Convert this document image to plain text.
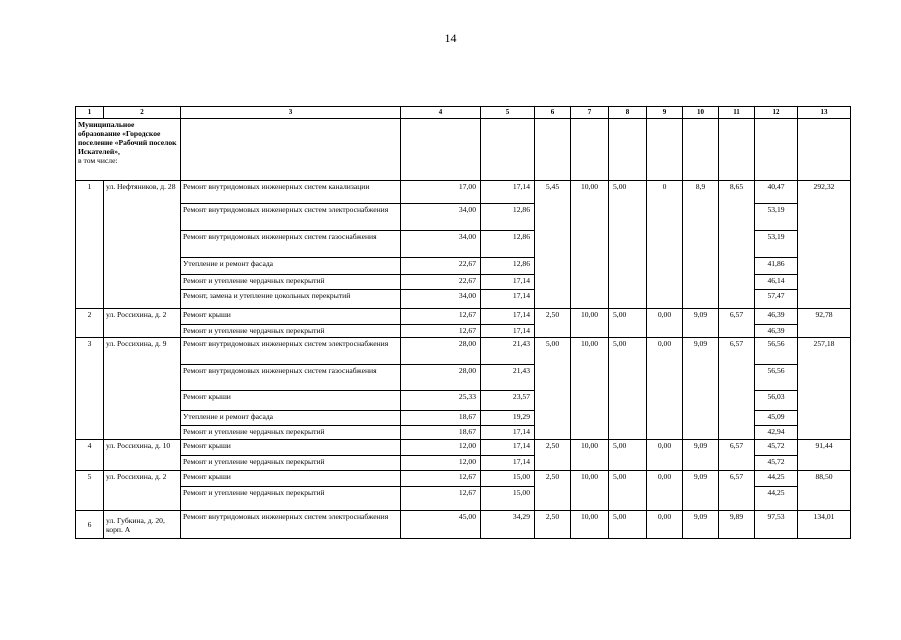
14
1	2	3	4	5	6	7	8	9	10	11	12	13
Муниципальное образование «Городское поселение «Рабочий поселок Искателей»,
в том числе:												
1	ул. Нефтяников, д. 28	Ремонт внутридомовых инженерных систем канализации	17,00	17,14	5,45	10,00	5,00	0	8,9	8,65	40,47	292,32
		Ремонт внутридомовых инженерных систем электроснабжения	34,00	12,86							53,19	
		Ремонт внутридомовых инженерных систем газоснабжения	34,00	12,86							53,19	
		Утепление и ремонт фасада	22,67	12,86							41,86	
		Ремонт и утепление чердачных перекрытий	22,67	17,14							46,14	
		Ремонт, замена и утепление цокольных перекрытий	34,00	17,14							57,47	
2	ул. Россихина, д. 2	Ремонт крыши	12,67	17,14	2,50	10,00	5,00	0,00	9,09	6,57	46,39	92,78
		Ремонт и утепление чердачных перекрытий	12,67	17,14							46,39	
3	ул. Россихина, д. 9	Ремонт внутридомовых инженерных систем электроснабжения	28,00	21,43	5,00	10,00	5,00	0,00	9,09	6,57	56,56	257,18
		Ремонт внутридомовых инженерных систем газоснабжения	28,00	21,43							56,56	
		Ремонт крыши	25,33	23,57							56,03	
		Утепление и ремонт фасада	18,67	19,29							45,09	
		Ремонт и утепление чердачных перекрытий	18,67	17,14							42,94	
4	ул. Россихина, д. 10	Ремонт крыши	12,00	17,14	2,50	10,00	5,00	0,00	9,09	6,57	45,72	91,44
		Ремонт и утепление чердачных перекрытий	12,00	17,14							45,72	
5	ул. Россихина, д. 2	Ремонт крыши	12,67	15,00	2,50	10,00	5,00	0,00	9,09	6,57	44,25	88,50
		Ремонт и утепление чердачных перекрытий	12,67	15,00							44,25	
6	ул. Губкина, д. 20, корп. А	Ремонт внутридомовых инженерных систем электроснабжения	45,00	34,29	2,50	10,00	5,00	0,00	9,09	9,89	97,53	134,01
